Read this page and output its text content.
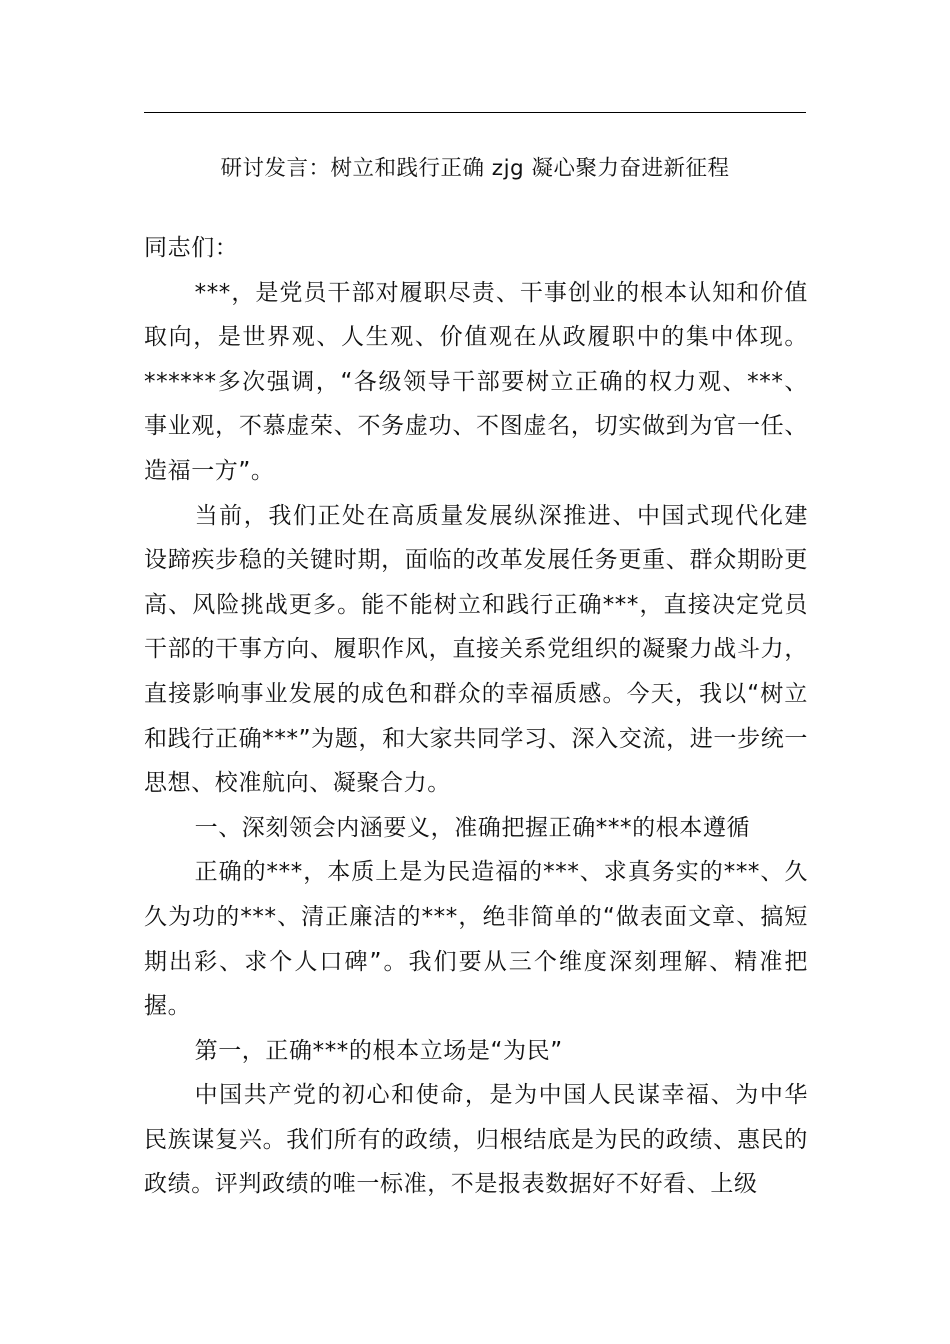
研讨发言：树立和践行正确 zjg 凝心聚力奋进新征程

同志们：

***，是党员干部对履职尽责、干事创业的根本认知和价值取向，是世界观、人生观、价值观在从政履职中的集中体现。******多次强调，“各级领导干部要树立正确的权力观、***、事业观，不慕虚荣、不务虚功、不图虚名，切实做到为官一任、造福一方”。

当前，我们正处在高质量发展纵深推进、中国式现代化建设蹄疾步稳的关键时期，面临的改革发展任务更重、群众期盼更高、风险挑战更多。能不能树立和践行正确***，直接决定党员干部的干事方向、履职作风，直接关系党组织的凝聚力战斗力，直接影响事业发展的成色和群众的幸福质感。今天，我以“树立和践行正确***”为题，和大家共同学习、深入交流，进一步统一思想、校准航向、凝聚合力。

一、深刻领会内涵要义，准确把握正确***的根本遵循

正确的***，本质上是为民造福的***、求真务实的***、久久为功的***、清正廉洁的***，绝非简单的“做表面文章、搞短期出彩、求个人口碑”。我们要从三个维度深刻理解、精准把握。

第一，正确***的根本立场是“为民”

中国共产党的初心和使命，是为中国人民谋幸福、为中华民族谋复兴。我们所有的政绩，归根结底是为民的政绩、惠民的政绩。评判政绩的唯一标准，不是报表数据好不好看、上级
